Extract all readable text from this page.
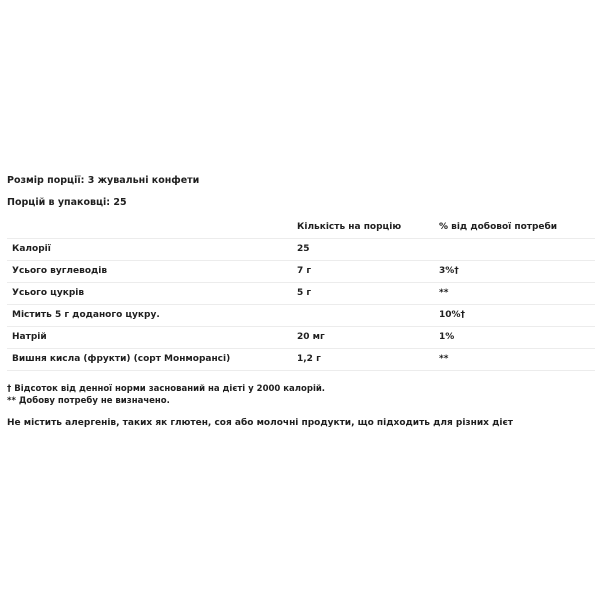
Розмір порції: 3 жувальні конфети

Порцій в упаковці: 25

	Кількість на порцію	% від добової потреби
Калорії	25	
Усього вуглеводів	7 г	3%†
Усього цукрів	5 г	**
Містить 5 г доданого цукру.		10%†
Натрій	20 мг	1%
Вишня кисла (фрукти) (сорт Монморансі)	1,2 г	**

† Відсоток від денної норми заснований на дієті у 2000 калорій.

** Добову потребу не визначено.

Не містить алергенів, таких як глютен, соя або молочні продукти, що підходить для різних дієт
